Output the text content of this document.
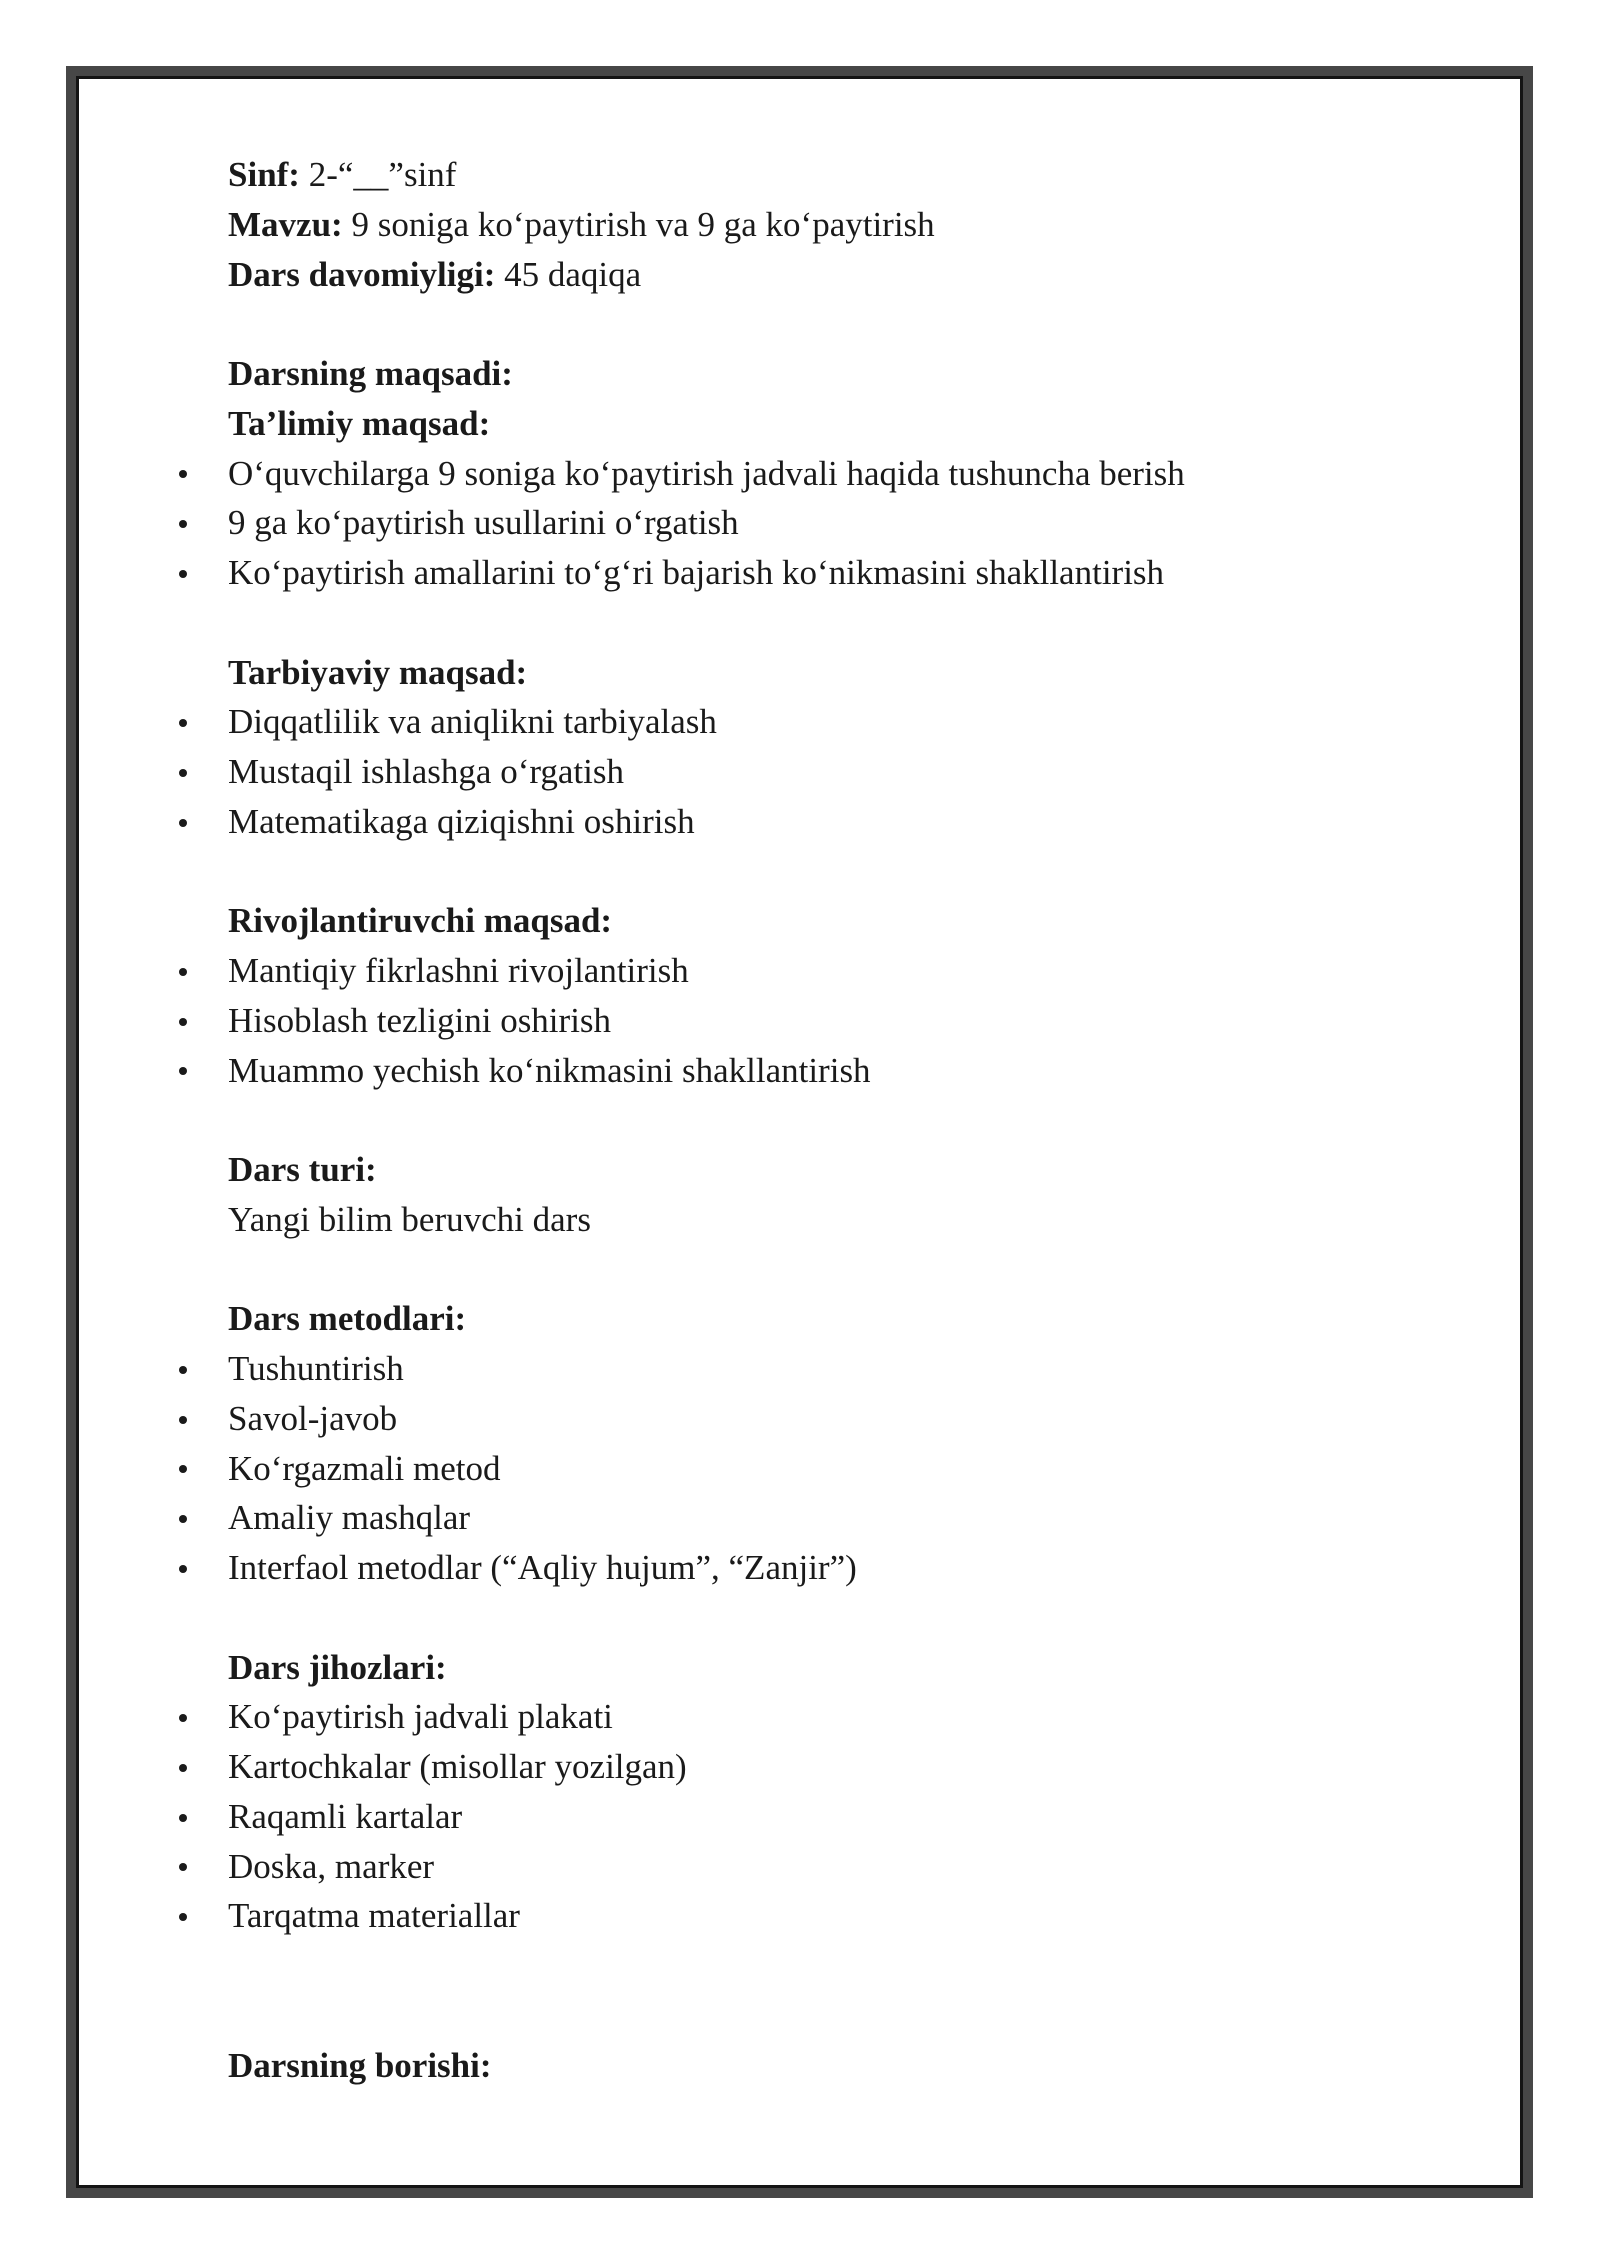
Sinf: 2-“__”sinf
Mavzu: 9 soniga ko‘paytirish va 9 ga ko‘paytirish
Dars davomiyligi: 45 daqiqa
Darsning maqsadi:
Ta’limiy maqsad:
O‘quvchilarga 9 soniga ko‘paytirish jadvali haqida tushuncha berish
9 ga ko‘paytirish usullarini o‘rgatish
Ko‘paytirish amallarini to‘g‘ri bajarish ko‘nikmasini shakllantirish
Tarbiyaviy maqsad:
Diqqatlilik va aniqlikni tarbiyalash
Mustaqil ishlashga o‘rgatish
Matematikaga qiziqishni oshirish
Rivojlantiruvchi maqsad:
Mantiqiy fikrlashni rivojlantirish
Hisoblash tezligini oshirish
Muammo yechish ko‘nikmasini shakllantirish
Dars turi:
Yangi bilim beruvchi dars
Dars metodlari:
Tushuntirish
Savol-javob
Ko‘rgazmali metod
Amaliy mashqlar
Interfaol metodlar (“Aqliy hujum”, “Zanjir”)
Dars jihozlari:
Ko‘paytirish jadvali plakati
Kartochkalar (misollar yozilgan)
Raqamli kartalar
Doska, marker
Tarqatma materiallar
Darsning borishi:
